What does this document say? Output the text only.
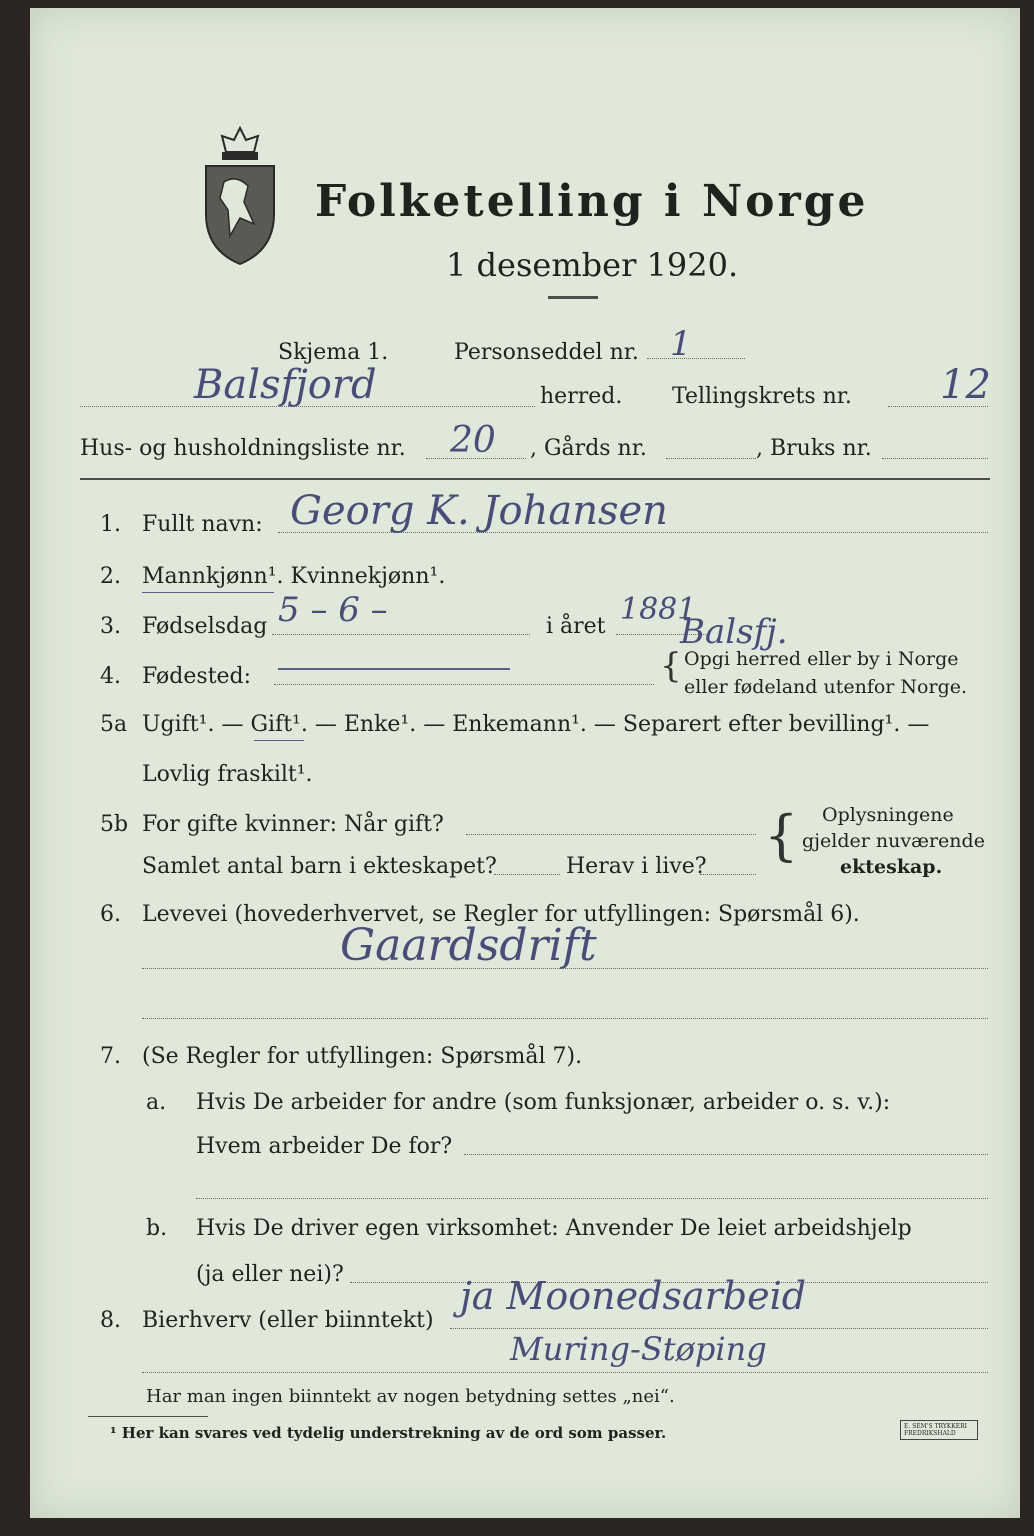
Folketelling i Norge
1 desember 1920.
Skjema 1.	Personseddel nr. 1
Balsfjord	herred. Tellingskrets nr. 12
Hus- og husholdningsliste nr. 20 , Gårds nr.	, Bruks nr.
1. Fullt navn: Georg K. Johansen
2. Mannkjønn¹. Kvinnekjønn¹.
3. Fødselsdag 5 – 6 –	i året 1881
4. Fødested:
Balsfj.
{ Opgi herred eller by i Norge
eller fødeland utenfor Norge.
5a Ugift¹. — Gift¹. — Enke¹. — Enkemann¹. — Separert efter bevilling¹. —
Lovlig fraskilt¹.
5b For gifte kvinner: Når gift?
Samlet antal barn i ekteskapet?	Herav i live? { Oplysningene
gjelder nuværende
ekteskap.
6. Levevei (hovederhvervet, se Regler for utfyllingen: Spørsmål 6).
Gaardsdrift
7. (Se Regler for utfyllingen: Spørsmål 7).
a. Hvis De arbeider for andre (som funksjonær, arbeider o. s. v.):
Hvem arbeider De for?
b. Hvis De driver egen virksomhet: Anvender De leiet arbeidshjelp
(ja eller nei)?
8. Bierhverv (eller biinntekt)
ja Moonedsarbeid
Muring-Støping
Har man ingen biinntekt av nogen betydning settes „nei“.
¹ Her kan svares ved tydelig understrekning av de ord som passer.	E. SEM'S TRYKKERI FREDRIKSHALD
